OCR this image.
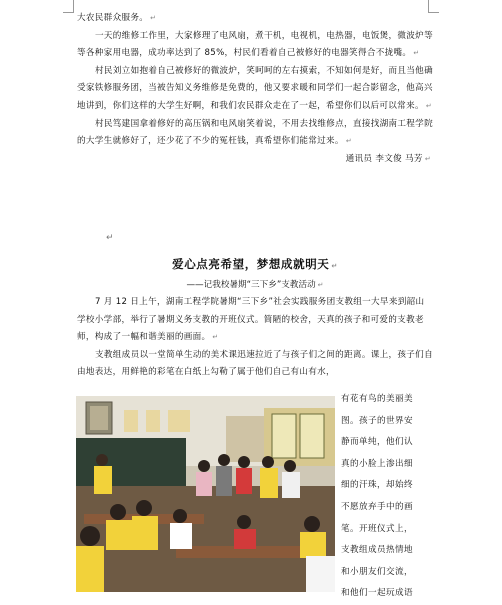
大农民群众服务。 ↵

一天的维修工作里，大家修理了电风扇，煮干机，电视机，电热器，电饭煲，微波炉等等各种家用电器，成功率达到了 85%，村民们看着自己被修好的电器笑得合不拢嘴。 ↵

村民刘立如抱着自己被修好的微波炉，笑呵呵的左右摸索，不知如何是好，而且当他确受家铁修服务团，当被告知义务维修是免费的，他又要求暖和同学们一起合影留念，他高兴地讲到，你们这样的大学生好啊，和我们农民群众走在了一起，希望你们以后可以常来。 ↵

村民笃建国拿着修好的高压锅和电风扇笑着说，不用去找维修点，直接找湖南工程学院的大学生就修好了，还少花了不少的冤枉钱，真希望你们能常过来。 ↵

通讯员 李文俊 马芳 ↵

↵
爱心点亮希望，梦想成就明天 ↵
——记我校暑期“三下乡”支教活动 ↵

7 月 12 日上午，湖南工程学院暑期“三下乡”社会实践服务团支教组一大早来到韶山学校小学部，举行了暑期义务支教的开班仪式。简陋的校舍，天真的孩子和可爱的支教老师，构成了一幅和谐美丽的画面。 ↵

支教组成员以一堂简单生动的美术课迅速拉近了与孩子们之间的距离。课上，孩子们自由地表达，用鲜艳的彩笔在白纸上勾勒了属于他们自己有山有水，

有花有鸟的美丽美

图。孩子的世界安

静而单纯，他们认

真的小脸上渗出细

细的汗珠，却始终

不愿放弃手中的画

笔。开班仪式上，

支教组成员热情地

和小朋友们交流，

和他们一起玩成语
